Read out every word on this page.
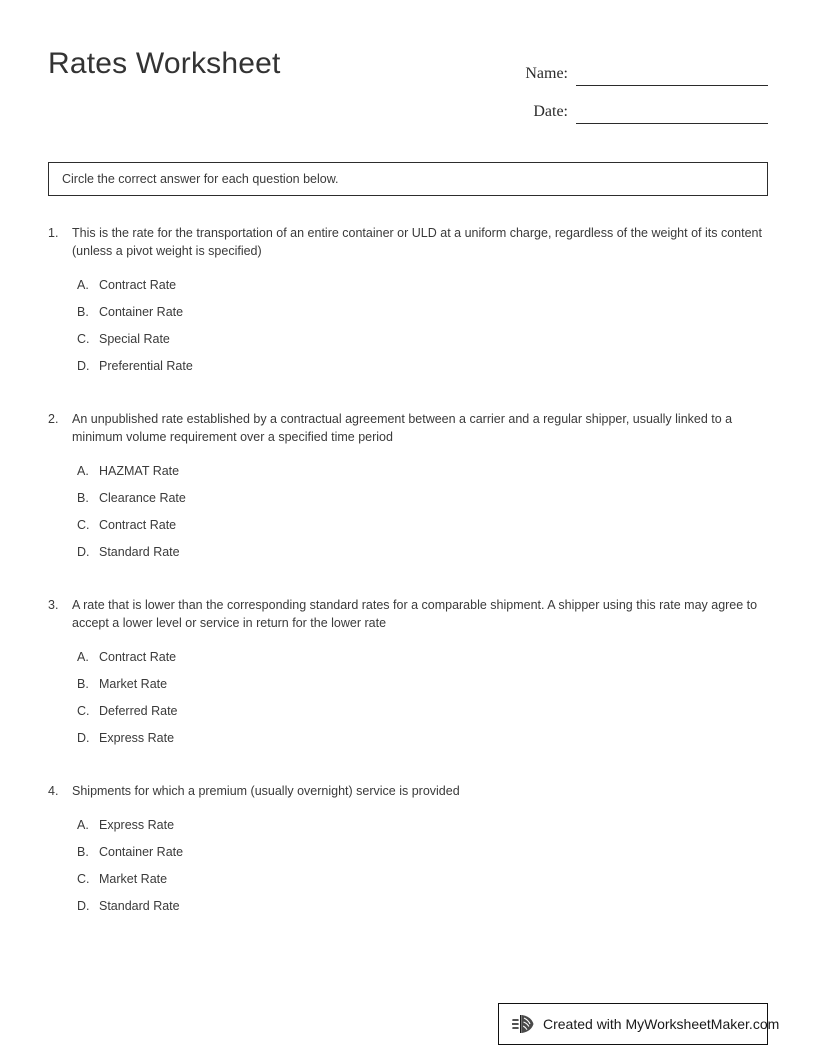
Rates Worksheet	Name:
Date:
Circle the correct answer for each question below.
1.	This is the rate for the transportation of an entire container or ULD at a uniform charge, regardless of the weight of its content (unless a pivot weight is specified)
A. Contract Rate
B. Container Rate
C. Special Rate
D. Preferential Rate
2.	An unpublished rate established by a contractual agreement between a carrier and a regular shipper, usually linked to a minimum volume requirement over a specified time period
A. HAZMAT Rate
B. Clearance Rate
C. Contract Rate
D. Standard Rate
3.	A rate that is lower than the corresponding standard rates for a comparable shipment. A shipper using this rate may agree to accept a lower level or service in return for the lower rate
A. Contract Rate
B. Market Rate
C. Deferred Rate
D. Express Rate
4.	Shipments for which a premium (usually overnight) service is provided
A. Express Rate
B. Container Rate
C. Market Rate
D. Standard Rate
Created with MyWorksheetMaker.com
